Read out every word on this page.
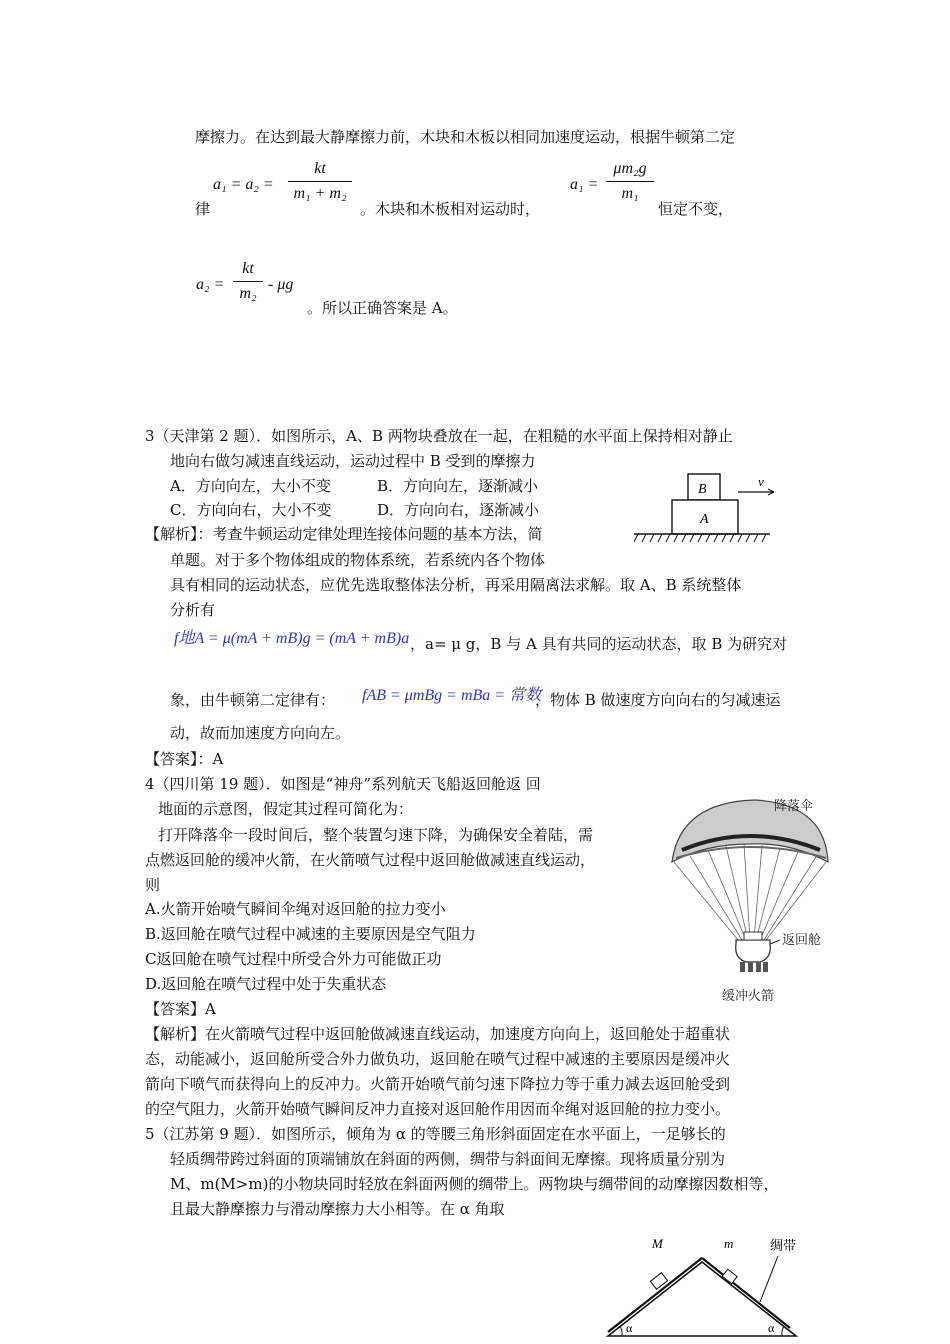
摩擦力。在达到最大静摩擦力前，木块和木板以相同加速度运动，根据牛顿第二定
a₁ = a₂ =
kt
m₁ + m₂
律	。木块和木板相对运动时，
a₁ =
μm₂g
m₁
恒定不变，
a₂ =
kt
m₂
- μg
。所以正确答案是 A。
3（天津第 2 题）．如图所示，A、B 两物块叠放在一起，在粗糙的水平面上保持相对静止
地向右做匀减速直线运动，运动过程中 B 受到的摩擦力
A．方向向左，大小不变	B．方向向左，逐渐减小
C．方向向右，大小不变	D．方向向右，逐渐减小
B
A
v
【解析】：考查牛顿运动定律处理连接体问题的基本方法，简
单题。对于多个物体组成的物体系统，若系统内各个物体
具有相同的运动状态，应优先选取整体法分析，再采用隔离法求解。取 A、B 系统整体
分析有
f地A = μ(mA + mB)g = (mA + mB)a ，a= μ g，B 与 A 具有共同的运动状态，取 B 为研究对
象，由牛顿第二定律有： fAB = μmBg = mBa = 常数
，物体 B 做速度方向向右的匀减速运
动，故而加速度方向向左。
【答案】：A
4（四川第 19 题）．如图是“神舟”系列航天飞船返回舱返 回
地面的示意图，假定其过程可简化为：
打开降落伞一段时间后，整个装置匀速下降，为确保安全着陆，需
点燃返回舱的缓冲火箭，在火箭喷气过程中返回舱做减速直线运动，
则
A.火箭开始喷气瞬间伞绳对返回舱的拉力变小
B.返回舱在喷气过程中减速的主要原因是空气阻力
C返回舱在喷气过程中所受合外力可能做正功
D.返回舱在喷气过程中处于失重状态
【答案】A
【解析】在火箭喷气过程中返回舱做减速直线运动，加速度方向向上，返回舱处于超重状
态，动能减小，返回舱所受合外力做负功，返回舱在喷气过程中减速的主要原因是缓冲火
箭向下喷气而获得向上的反冲力。火箭开始喷气前匀速下降拉力等于重力减去返回舱受到
的空气阻力，火箭开始喷气瞬间反冲力直接对返回舱作用因而伞绳对返回舱的拉力变小。
降落伞
返回舱
缓冲火箭
5（江苏第 9 题）．如图所示，倾角为 α 的等腰三角形斜面固定在水平面上，一足够长的
轻质绸带跨过斜面的顶端铺放在斜面的两侧，绸带与斜面间无摩擦。现将质量分别为
M、m(M>m)的小物块同时轻放在斜面两侧的绸带上。两物块与绸带间的动摩擦因数相等，
且最大静摩擦力与滑动摩擦力大小相等。在 α 角取
M	m	绸带
α	α
